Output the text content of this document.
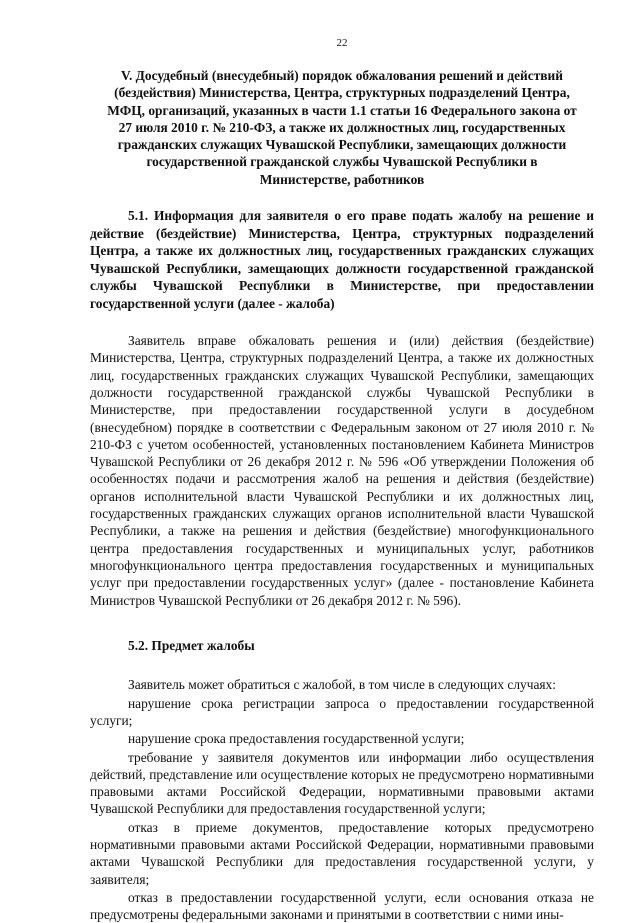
22
V. Досудебный (внесудебный) порядок обжалования решений и действий (бездействия) Министерства, Центра, структурных подразделений Центра, МФЦ, организаций, указанных в части 1.1 статьи 16 Федерального закона от 27 июля 2010 г. № 210-ФЗ, а также их должностных лиц, государственных гражданских служащих Чувашской Республики, замещающих должности государственной гражданской службы Чувашской Республики в Министерстве, работников
5.1. Информация для заявителя о его праве подать жалобу на решение и действие (бездействие) Министерства, Центра, структурных подразделений Центра, а также их должностных лиц, государственных гражданских служащих Чувашской Республики, замещающих должности государственной гражданской службы Чувашской Республики в Министерстве, при предоставлении государственной услуги (далее - жалоба)

Заявитель вправе обжаловать решения и (или) действия (бездействие) Министерства, Центра, структурных подразделений Центра, а также их должностных лиц, государственных гражданских служащих Чувашской Республики, замещающих должности государственной гражданской службы Чувашской Республики в Министерстве, при предоставлении государственной услуги в досудебном (внесудебном) порядке в соответствии с Федеральным законом от 27 июля 2010 г. № 210-ФЗ с учетом особенностей, установленных постановлением Кабинета Министров Чувашской Республики от 26 декабря 2012 г. № 596 «Об утверждении Положения об особенностях подачи и рассмотрения жалоб на решения и действия (бездействие) органов исполнительной власти Чувашской Республики и их должностных лиц, государственных гражданских служащих органов исполнительной власти Чувашской Республики, а также на решения и действия (бездействие) многофункционального центра предоставления государственных и муниципальных услуг, работников многофункционального центра предоставления государственных и муниципальных услуг при предоставлении государственных услуг» (далее - постановление Кабинета Министров Чувашской Республики от 26 декабря 2012 г. № 596).

5.2. Предмет жалобы

Заявитель может обратиться с жалобой, в том числе в следующих случаях:

нарушение срока регистрации запроса о предоставлении государственной услуги;

нарушение срока предоставления государственной услуги;

требование у заявителя документов или информации либо осуществления действий, представление или осуществление которых не предусмотрено нормативными правовыми актами Российской Федерации, нормативными правовыми актами Чувашской Республики для предоставления государственной услуги;

отказ в приеме документов, предоставление которых предусмотрено нормативными правовыми актами Российской Федерации, нормативными правовыми актами Чувашской Республики для предоставления государственной услуги, у заявителя;

отказ в предоставлении государственной услуги, если основания отказа не предусмотрены федеральными законами и принятыми в соответствии с ними ины-
